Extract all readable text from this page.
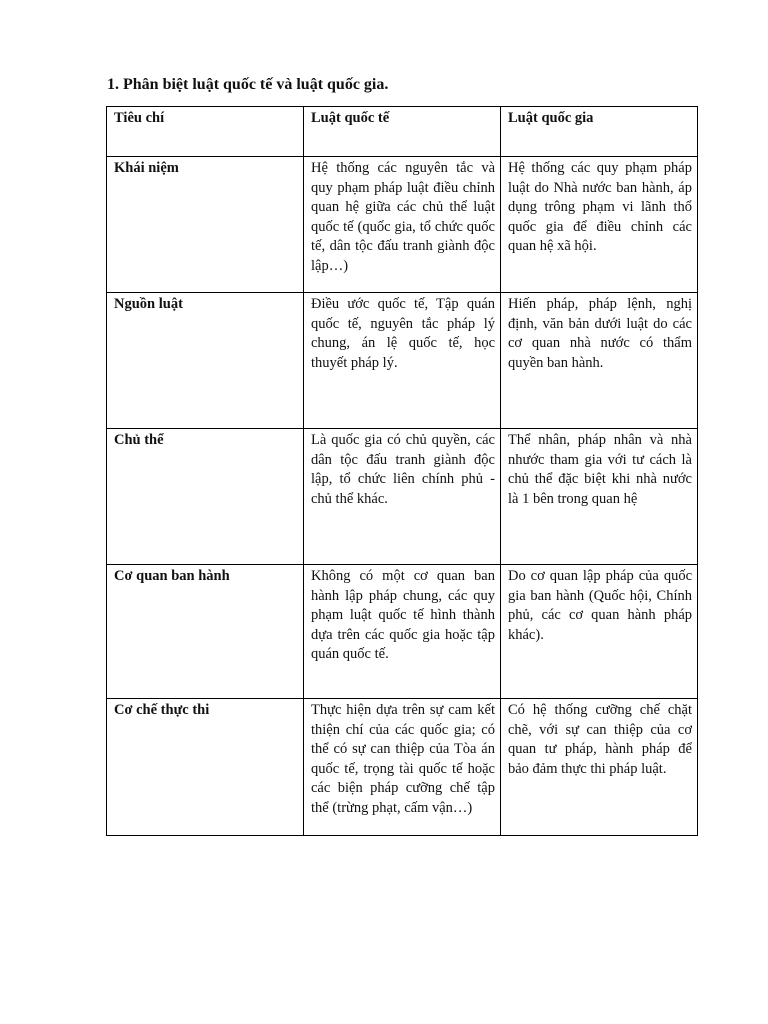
1. Phân biệt luật quốc tế và luật quốc gia.
Tiêu chí	Luật quốc tế	Luật quốc gia
Khái niệm	Hệ thống các nguyên tắc và quy phạm pháp luật điều chỉnh quan hệ giữa các chủ thể luật quốc tế (quốc gia, tổ chức quốc tế, dân tộc đấu tranh giành độc lập…)	Hệ thống các quy phạm pháp luật do Nhà nước ban hành, áp dụng trông phạm vi lãnh thổ quốc gia để điều chỉnh các quan hệ xã hội.
Nguồn luật	Điều ước quốc tế, Tập quán quốc tế, nguyên tắc pháp lý chung, án lệ quốc tế, học thuyết pháp lý.	Hiến pháp, pháp lệnh, nghị định, văn bản dưới luật do các cơ quan nhà nước có thẩm quyền ban hành.
Chủ thể	Là quốc gia có chủ quyền, các dân tộc đấu tranh giành độc lập, tổ chức liên chính phủ - chủ thể khác.	Thể nhân, pháp nhân và nhà nhước tham gia với tư cách là chủ thể đặc biệt khi nhà nước là 1 bên trong quan hệ
Cơ quan ban hành	Không có một cơ quan ban hành lập pháp chung, các quy phạm luật quốc tế hình thành dựa trên các quốc gia hoặc tập quán quốc tế.	Do cơ quan lập pháp của quốc gia ban hành (Quốc hội, Chính phủ, các cơ quan hành pháp khác).
Cơ chế thực thi	Thực hiện dựa trên sự cam kết thiện chí của các quốc gia; có thể có sự can thiệp của Tòa án quốc tế, trọng tài quốc tế hoặc các biện pháp cưỡng chế tập thể (trừng phạt, cấm vận…)	Có hệ thống cưỡng chế chặt chẽ, với sự can thiệp của cơ quan tư pháp, hành pháp để bảo đảm thực thi pháp luật.
